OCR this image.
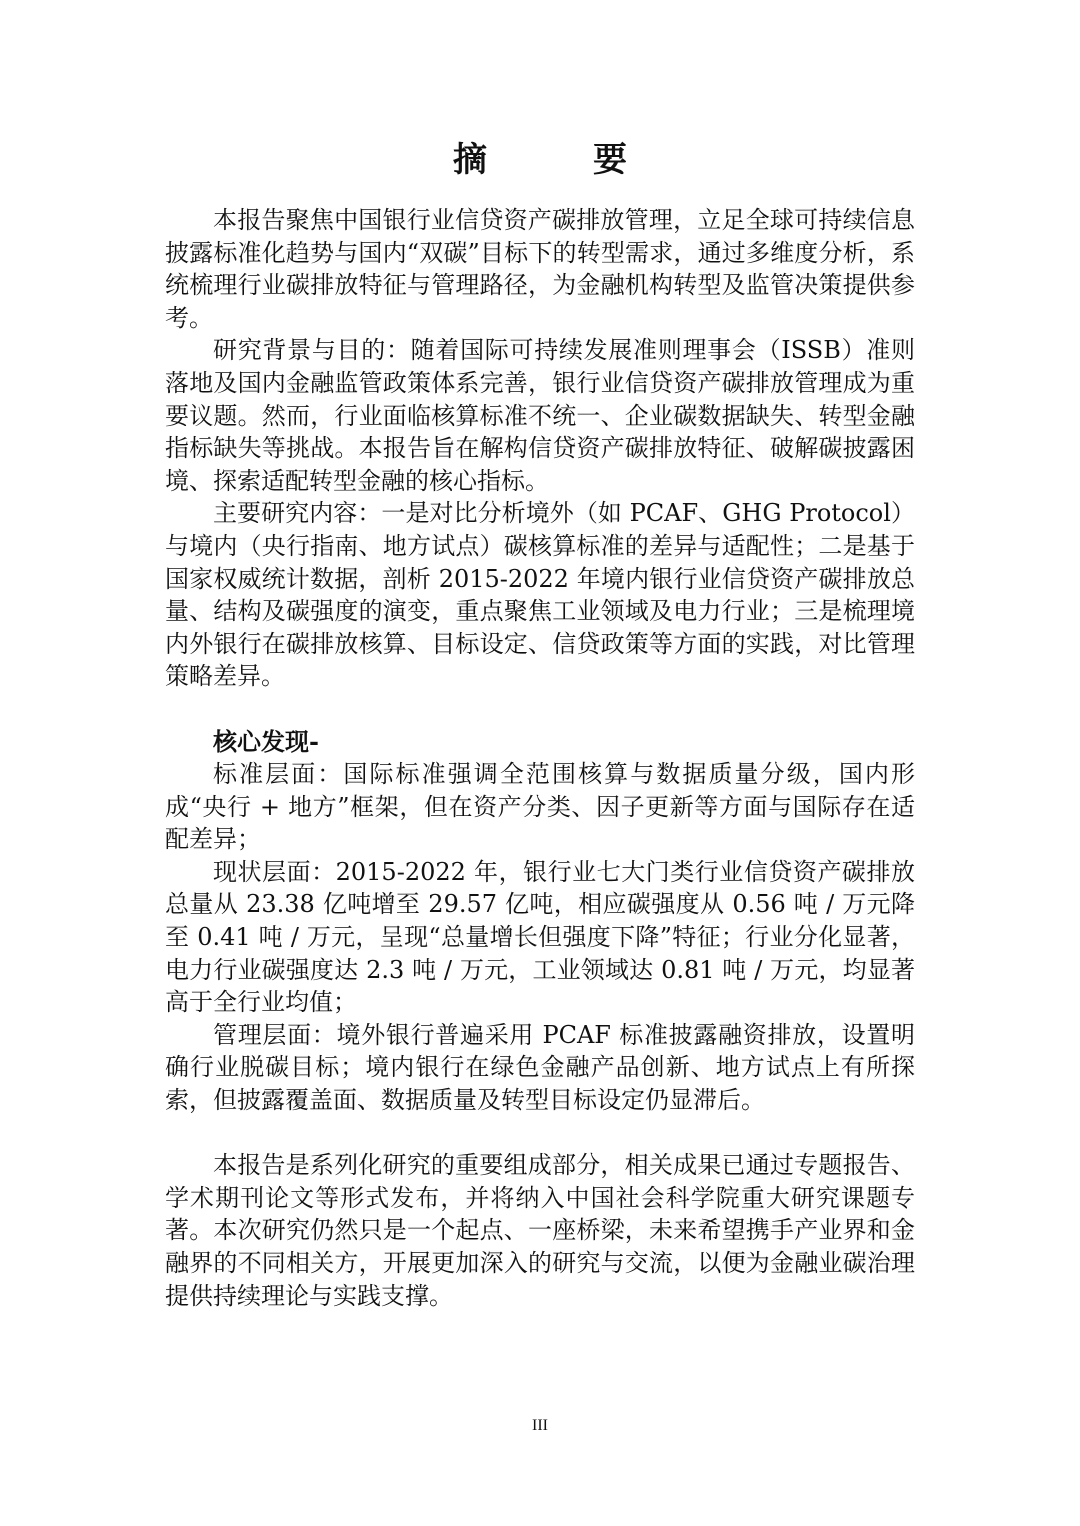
摘　要

本报告聚焦中国银行业信贷资产碳排放管理，立足全球可持续信息披露标准化趋势与国内“双碳”目标下的转型需求，通过多维度分析，系统梳理行业碳排放特征与管理路径，为金融机构转型及监管决策提供参考。

研究背景与目的：随着国际可持续发展准则理事会（ISSB）准则落地及国内金融监管政策体系完善，银行业信贷资产碳排放管理成为重要议题。然而，行业面临核算标准不统一、企业碳数据缺失、转型金融指标缺失等挑战。本报告旨在解构信贷资产碳排放特征、破解碳披露困境、探索适配转型金融的核心指标。

主要研究内容：一是对比分析境外（如 PCAF、GHG Protocol）与境内（央行指南、地方试点）碳核算标准的差异与适配性；二是基于国家权威统计数据，剖析 2015-2022 年境内银行业信贷资产碳排放总量、结构及碳强度的演变，重点聚焦工业领域及电力行业；三是梳理境内外银行在碳排放核算、目标设定、信贷政策等方面的实践，对比管理策略差异。

核心发现-

标准层面：国际标准强调全范围核算与数据质量分级，国内形成“央行 + 地方”框架，但在资产分类、因子更新等方面与国际存在适配差异；

现状层面：2015-2022 年，银行业七大门类行业信贷资产碳排放总量从 23.38 亿吨增至 29.57 亿吨，相应碳强度从 0.56 吨 / 万元降至 0.41 吨 / 万元，呈现“总量增长但强度下降”特征；行业分化显著，电力行业碳强度达 2.3 吨 / 万元，工业领域达 0.81 吨 / 万元，均显著高于全行业均值；

管理层面：境外银行普遍采用 PCAF 标准披露融资排放，设置明确行业脱碳目标；境内银行在绿色金融产品创新、地方试点上有所探索，但披露覆盖面、数据质量及转型目标设定仍显滞后。

本报告是系列化研究的重要组成部分，相关成果已通过专题报告、学术期刊论文等形式发布，并将纳入中国社会科学院重大研究课题专著。本次研究仍然只是一个起点、一座桥梁，未来希望携手产业界和金融界的不同相关方，开展更加深入的研究与交流，以便为金融业碳治理提供持续理论与实践支撑。

III
